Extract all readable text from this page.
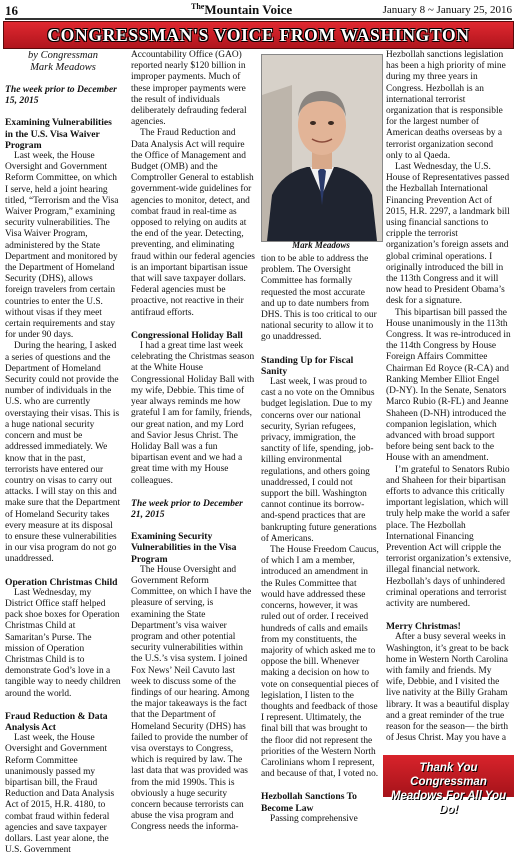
16	$^{The}$Mountain Voice	January 8 ~ January 25, 2016
CONGRESSMAN'S VOICE FROM WASHINGTON
by Congressman
Mark Meadows
The week prior to December 15, 2015
Examining Vulnerabilities in the U.S. Visa Waiver Program

Last week, the House Oversight and Government Reform Committee, on which I serve, held a joint hearing titled, “Terrorism and the Visa Waiver Program,” examining security vulnerabilities. The Visa Waiver Program, administered by the State Department and monitored by the Department of Homeland Security (DHS), allows foreign travelers from certain countries to enter the U.S. without visas if they meet certain requirements and stay for under 90 days.

During the hearing, I asked a series of questions and the Department of Homeland Security could not provide the number of individuals in the U.S. who are currently overstaying their visas. This is a huge national security concern and must be addressed immediately. We know that in the past, terrorists have entered our country on visas to carry out attacks. I will stay on this and make sure that the Department of Homeland Security takes every measure at its disposal to ensure these vulnerabilities in our visa program do not go unaddressed.

Operation Christmas Child

Last Wednesday, my District Office staff helped pack shoe boxes for Operation Christmas Child at Samaritan’s Purse. The mission of Operation Christmas Child is to demonstrate God’s love in a tangible way to needy children around the world.

Fraud Reduction & Data Analysis Act

Last week, the House Oversight and Government Reform Committee unanimously passed my bipartisan bill, the Fraud Reduction and Data Analysis Act of 2015, H.R. 4180, to combat fraud within federal agencies and save taxpayer dollars. Last year alone, the U.S. Government

Accountability Office (GAO) reported nearly $120 billion in improper payments. Much of these improper payments were the result of individuals deliberately defrauding federal agencies.

The Fraud Reduction and Data Analysis Act will require the Office of Management and Budget (OMB) and the Comptroller General to establish government-wide guidelines for agencies to monitor, detect, and combat fraud in real-time as opposed to relying on audits at the end of the year. Detecting, preventing, and eliminating fraud within our federal agencies is an important bipartisan issue that will save taxpayer dollars. Federal agencies must be proactive, not reactive in their antifraud efforts.

Congressional Holiday Ball

I had a great time last week celebrating the Christmas season at the White House Congressional Holiday Ball with my wife, Debbie. This time of year always reminds me how grateful I am for family, friends, our great nation, and my Lord and Savior Jesus Christ. The Holiday Ball was a fun bipartisan event and we had a great time with my House colleagues.

The week prior to December 21, 2015
Examining Security Vulnerabilities in the Visa Program

The House Oversight and Government Reform Committee, on which I have the pleasure of serving, is examining the State Department’s visa waiver program and other potential security vulnerabilities within the U.S.’s visa system. I joined Fox News’ Neil Cavuto last week to discuss some of the findings of our hearing. Among the major takeaways is the fact that the Department of Homeland Security (DHS) has failed to provide the number of visa overstays to Congress, which is required by law. The last data that was provided was from the mid 1990s. This is obviously a huge security concern because terrorists can abuse the visa program and Congress needs the informa-

Mark Meadows

tion to be able to address the problem. The Oversight Committee has formally requested the most accurate and up to date numbers from DHS. This is too critical to our national security to allow it to go unaddressed.

Standing Up for Fiscal Sanity

Last week, I was proud to cast a no vote on the Omnibus budget legislation. Due to my concerns over our national security, Syrian refugees, privacy, immigration, the sanctity of life, spending, job-killing environmental regulations, and others going unaddressed, I could not support the bill. Washington cannot continue its borrow-and-spend practices that are bankrupting future generations of Americans.

The House Freedom Caucus, of which I am a member, introduced an amendment in the Rules Committee that would have addressed these concerns, however, it was ruled out of order. I received hundreds of calls and emails from my constituents, the majority of which asked me to oppose the bill. Whenever making a decision on how to vote on consequential pieces of legislation, I listen to the thoughts and feedback of those I represent. Ultimately, the final bill that was brought to the floor did not represent the priorities of the Western North Carolinians whom I represent, and because of that, I voted no.

Hezbollah Sanctions To Become Law

Passing comprehensive

Hezbollah sanctions legislation has been a high priority of mine during my three years in Congress. Hezbollah is an international terrorist organization that is responsible for the largest number of American deaths overseas by a terrorist organization second only to al Qaeda.

Last Wednesday, the U.S. House of Representatives passed the Hezballah International Financing Prevention Act of 2015, H.R. 2297, a landmark bill using financial sanctions to cripple the terrorist organization’s foreign assets and global criminal operations. I originally introduced the bill in the 113th Congress and it will now head to President Obama’s desk for a signature.

This bipartisan bill passed the House unanimously in the 113th Congress. It was re-introduced in the 114th Congress by House Foreign Affairs Committee Chairman Ed Royce (R-CA) and Ranking Member Elliot Engel (D-NY). In the Senate, Senators Marco Rubio (R-FL) and Jeanne Shaheen (D-NH) introduced the companion legislation, which advanced with broad support before being sent back to the House with an amendment.

I’m grateful to Senators Rubio and Shaheen for their bipartisan efforts to advance this critically important legislation, which will truly help make the world a safer place. The Hezbollah International Financing Prevention Act will cripple the terrorist organization’s extensive, illegal financial network. Hezbollah’s days of unhindered criminal operations and terrorist activity are numbered.

Merry Christmas!

After a busy several weeks in Washington, it’s great to be back home in Western North Carolina with family and friends. My wife, Debbie, and I visited the live nativity at the Billy Graham library. It was a beautiful display and a great reminder of the true reason for the season— the birth of Jesus Christ. May you have a

Thank You Congressman
Meadows For All You Do!
